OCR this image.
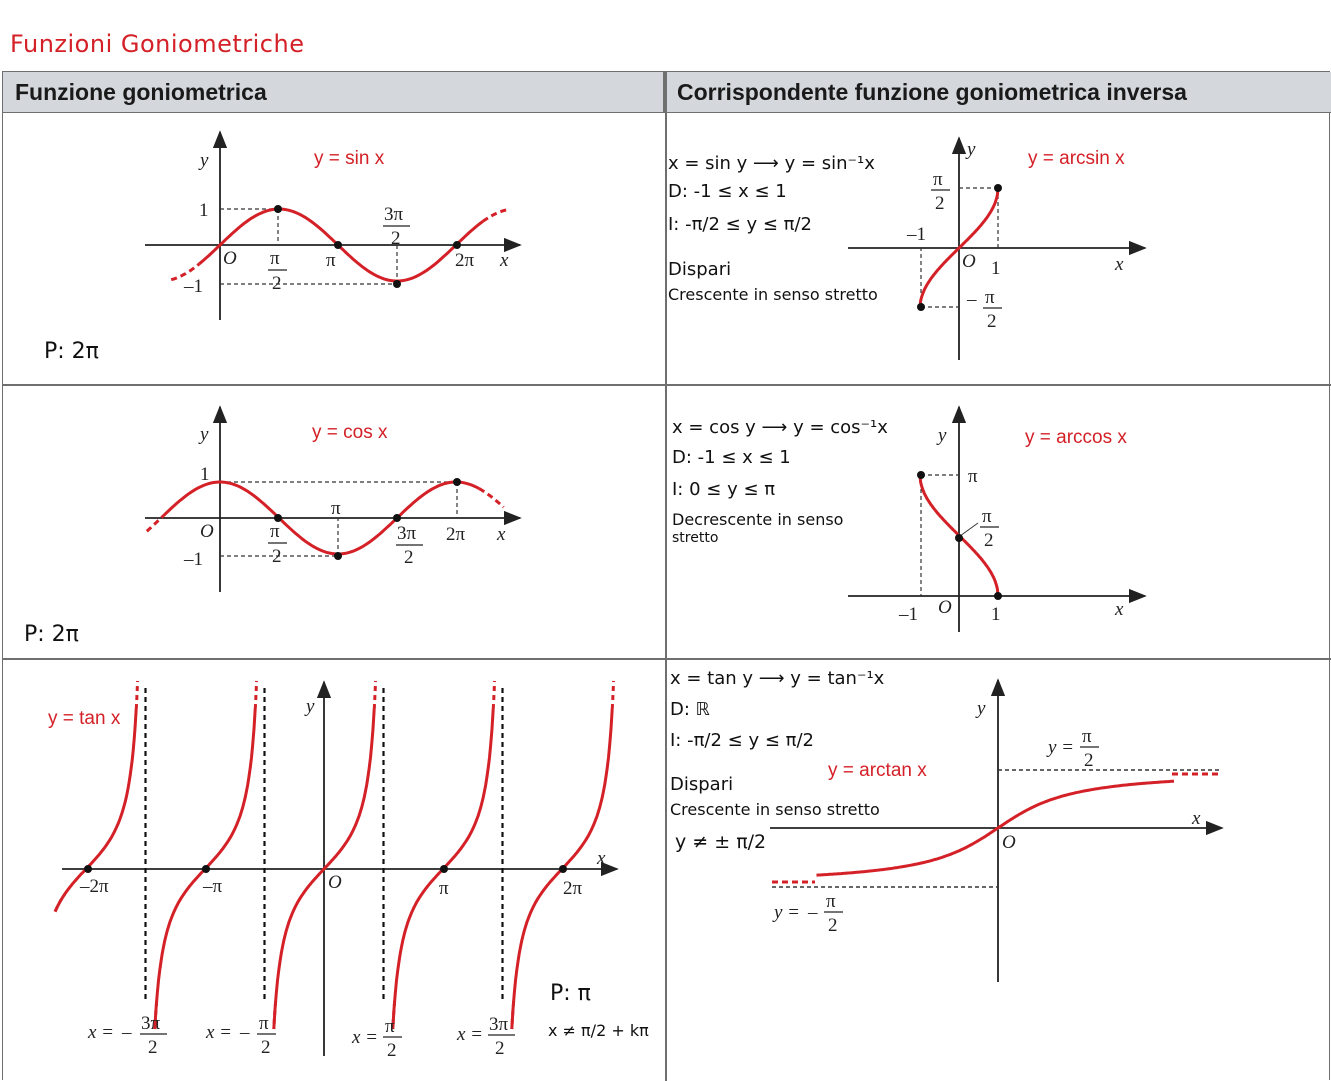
Funzioni Goniometriche
Funzione goniometrica	Corrispondente funzione goniometrica inversa
y
x
O
1
–1
π
2
π
3π
2
2π
y = sin x
P: 2π
x = sin y ⟶ y = sin⁻¹x
D: -1 ≤ x ≤ 1
I: -π/2 ≤ y ≤ π/2
Dispari
Crescente in senso stretto
y
x
O 1
–1
π
2
– π
2
y = arcsin x
y
x
O
1
–1
π
2
π
3π
2
2π
y = cos x
P: 2π
x = cos y ⟶ y = cos⁻¹x
D: -1 ≤ x ≤ 1
I: 0 ≤ y ≤ π
Decrescente in senso
stretto
y
x
O 1
–1
π
π
2
y = arccos x
y
x
O
–2π	–π	π	2π
y = tan x
x = – 3π
2
x = – π
2	x =
π
2
x = 3π
2
P: π
x ≠ π/2 + kπ
x = tan y ⟶ y = tan⁻¹x
D: ℝ
I: -π/2 ≤ y ≤ π/2
Dispari
Crescente in senso stretto
y ≠ ± π/2
y
x
O
y =
π
2
y = –
π
2
y = arctan x
